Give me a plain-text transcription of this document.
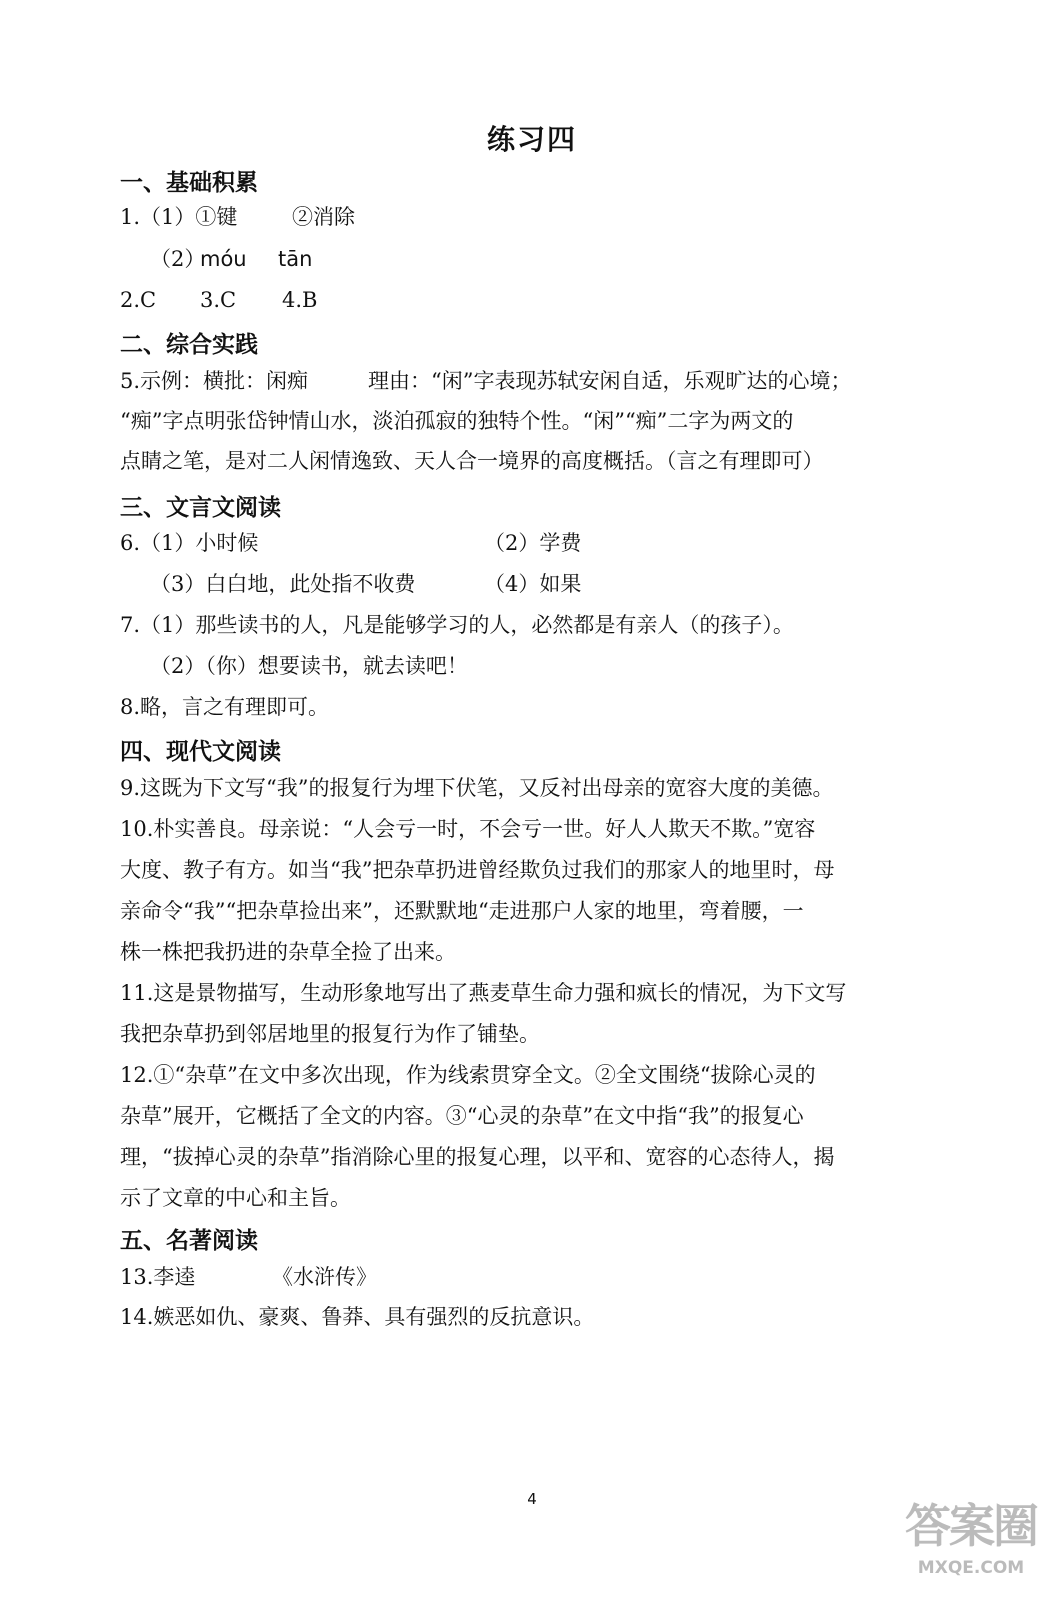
练习四
一、基础积累
1.（1）①键	②消除
（2）
móu tān
2.C 3.C 4.B
二、综合实践
5.示例：横批：闲痴	理由：“闲”字表现苏轼安闲自适，乐观旷达的心境；
“痴”字点明张岱钟情山水，淡泊孤寂的独特个性。“闲”“痴”二字为两文的
点睛之笔，是对二人闲情逸致、天人合一境界的高度概括。（言之有理即可）
三、文言文阅读
6.（1）小时候	（2）学费
（3）白白地，此处指不收费	（4）如果
7.（1）那些读书的人，凡是能够学习的人，必然都是有亲人（的孩子）。
（2）（你）想要读书，就去读吧！
8.略，言之有理即可。
四、现代文阅读
9.这既为下文写“我”的报复行为埋下伏笔，又反衬出母亲的宽容大度的美德。
10.朴实善良。母亲说：“人会亏一时，不会亏一世。好人人欺天不欺。”宽容
大度、教子有方。如当“我”把杂草扔进曾经欺负过我们的那家人的地里时，母
亲命令“我”“把杂草捡出来”，还默默地“走进那户人家的地里，弯着腰，一
株一株把我扔进的杂草全捡了出来。
11.这是景物描写，生动形象地写出了燕麦草生命力强和疯长的情况，为下文写
我把杂草扔到邻居地里的报复行为作了铺垫。
12.①“杂草”在文中多次出现，作为线索贯穿全文。②全文围绕“拔除心灵的
杂草”展开，它概括了全文的内容。③“心灵的杂草”在文中指“我”的报复心
理，“拔掉心灵的杂草”指消除心里的报复心理，以平和、宽容的心态待人，揭
示了文章的中心和主旨。
五、名著阅读
13.李逵	《水浒传》
14.嫉恶如仇、豪爽、鲁莽、具有强烈的反抗意识。
4	答案圈
MXQE.COM
